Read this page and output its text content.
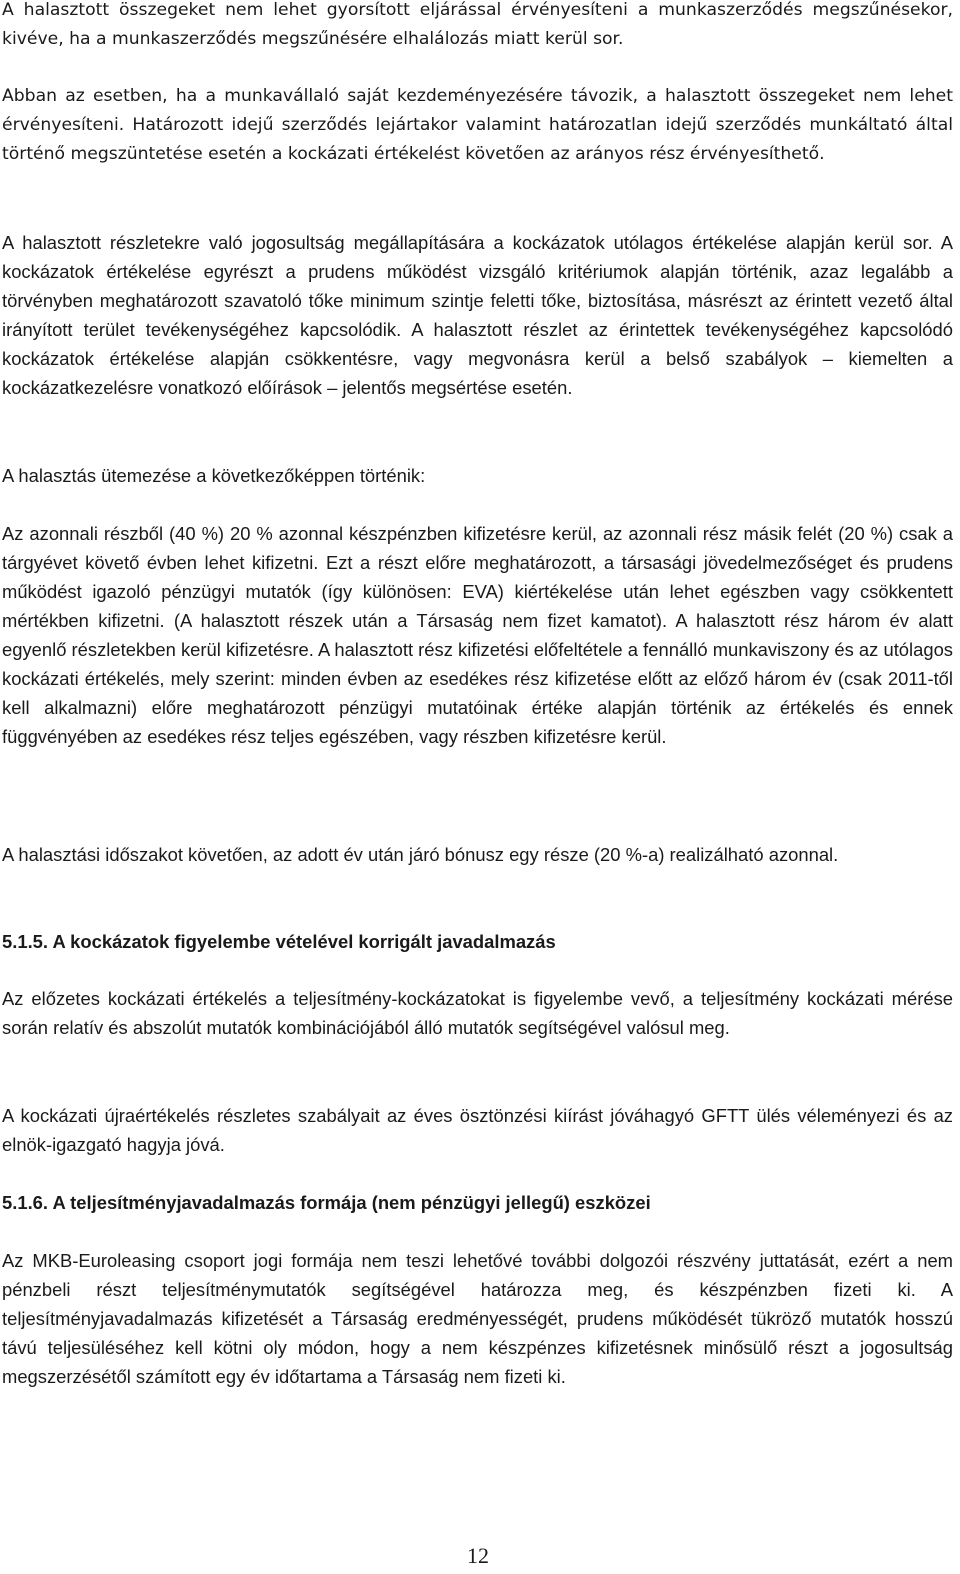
A halasztott összegeket nem lehet gyorsított eljárással érvényesíteni a munkaszerződés megszűnésekor, kivéve, ha a munkaszerződés megszűnésére elhalálozás miatt kerül sor.

Abban az esetben, ha a munkavállaló saját kezdeményezésére távozik, a halasztott összegeket nem lehet érvényesíteni. Határozott idejű szerződés lejártakor valamint határozatlan idejű szerződés munkáltató által történő megszüntetése esetén a kockázati értékelést követően az arányos rész érvényesíthető.

A halasztott részletekre való jogosultság megállapítására a kockázatok utólagos értékelése alapján kerül sor. A kockázatok értékelése egyrészt a prudens működést vizsgáló kritériumok alapján történik, azaz legalább a törvényben meghatározott szavatoló tőke minimum szintje feletti tőke, biztosítása, másrészt az érintett vezető által irányított terület tevékenységéhez kapcsolódik. A halasztott részlet az érintettek tevékenységéhez kapcsolódó kockázatok értékelése alapján csökkentésre, vagy megvonásra kerül a belső szabályok – kiemelten a kockázatkezelésre vonatkozó előírások – jelentős megsértése esetén.

A halasztás ütemezése a következőképpen történik:

Az azonnali részből (40 %) 20 % azonnal készpénzben kifizetésre kerül, az azonnali rész másik felét (20 %) csak a tárgyévet követő évben lehet kifizetni. Ezt a részt előre meghatározott, a társasági jövedelmezőséget és prudens működést igazoló pénzügyi mutatók (így különösen: EVA) kiértékelése után lehet egészben vagy csökkentett mértékben kifizetni. (A halasztott részek után a Társaság nem fizet kamatot). A halasztott rész három év alatt egyenlő részletekben kerül kifizetésre. A halasztott rész kifizetési előfeltétele a fennálló munkaviszony és az utólagos kockázati értékelés, mely szerint: minden évben az esedékes rész kifizetése előtt az előző három év (csak 2011-től kell alkalmazni) előre meghatározott pénzügyi mutatóinak értéke alapján történik az értékelés és ennek függvényében az esedékes rész teljes egészében, vagy részben kifizetésre kerül.

A halasztási időszakot követően, az adott év után járó bónusz egy része (20 %-a) realizálható azonnal.

5.1.5. A kockázatok figyelembe vételével korrigált javadalmazás

Az előzetes kockázati értékelés a teljesítmény-kockázatokat is figyelembe vevő, a teljesítmény kockázati mérése során relatív és abszolút mutatók kombinációjából álló mutatók segítségével valósul meg.

A kockázati újraértékelés részletes szabályait az éves ösztönzési kiírást jóváhagyó GFTT ülés véleményezi és az elnök-igazgató hagyja jóvá.

5.1.6. A teljesítményjavadalmazás formája (nem pénzügyi jellegű) eszközei

Az MKB-Euroleasing csoport jogi formája nem teszi lehetővé további dolgozói részvény juttatását, ezért a nem pénzbeli részt teljesítménymutatók segítségével határozza meg, és készpénzben fizeti ki. A teljesítményjavadalmazás kifizetését a Társaság eredményességét, prudens működését tükröző mutatók hosszú távú teljesüléséhez kell kötni oly módon, hogy a nem készpénzes kifizetésnek minősülő részt a jogosultság megszerzésétől számított egy év időtartama a Társaság nem fizeti ki.

12
